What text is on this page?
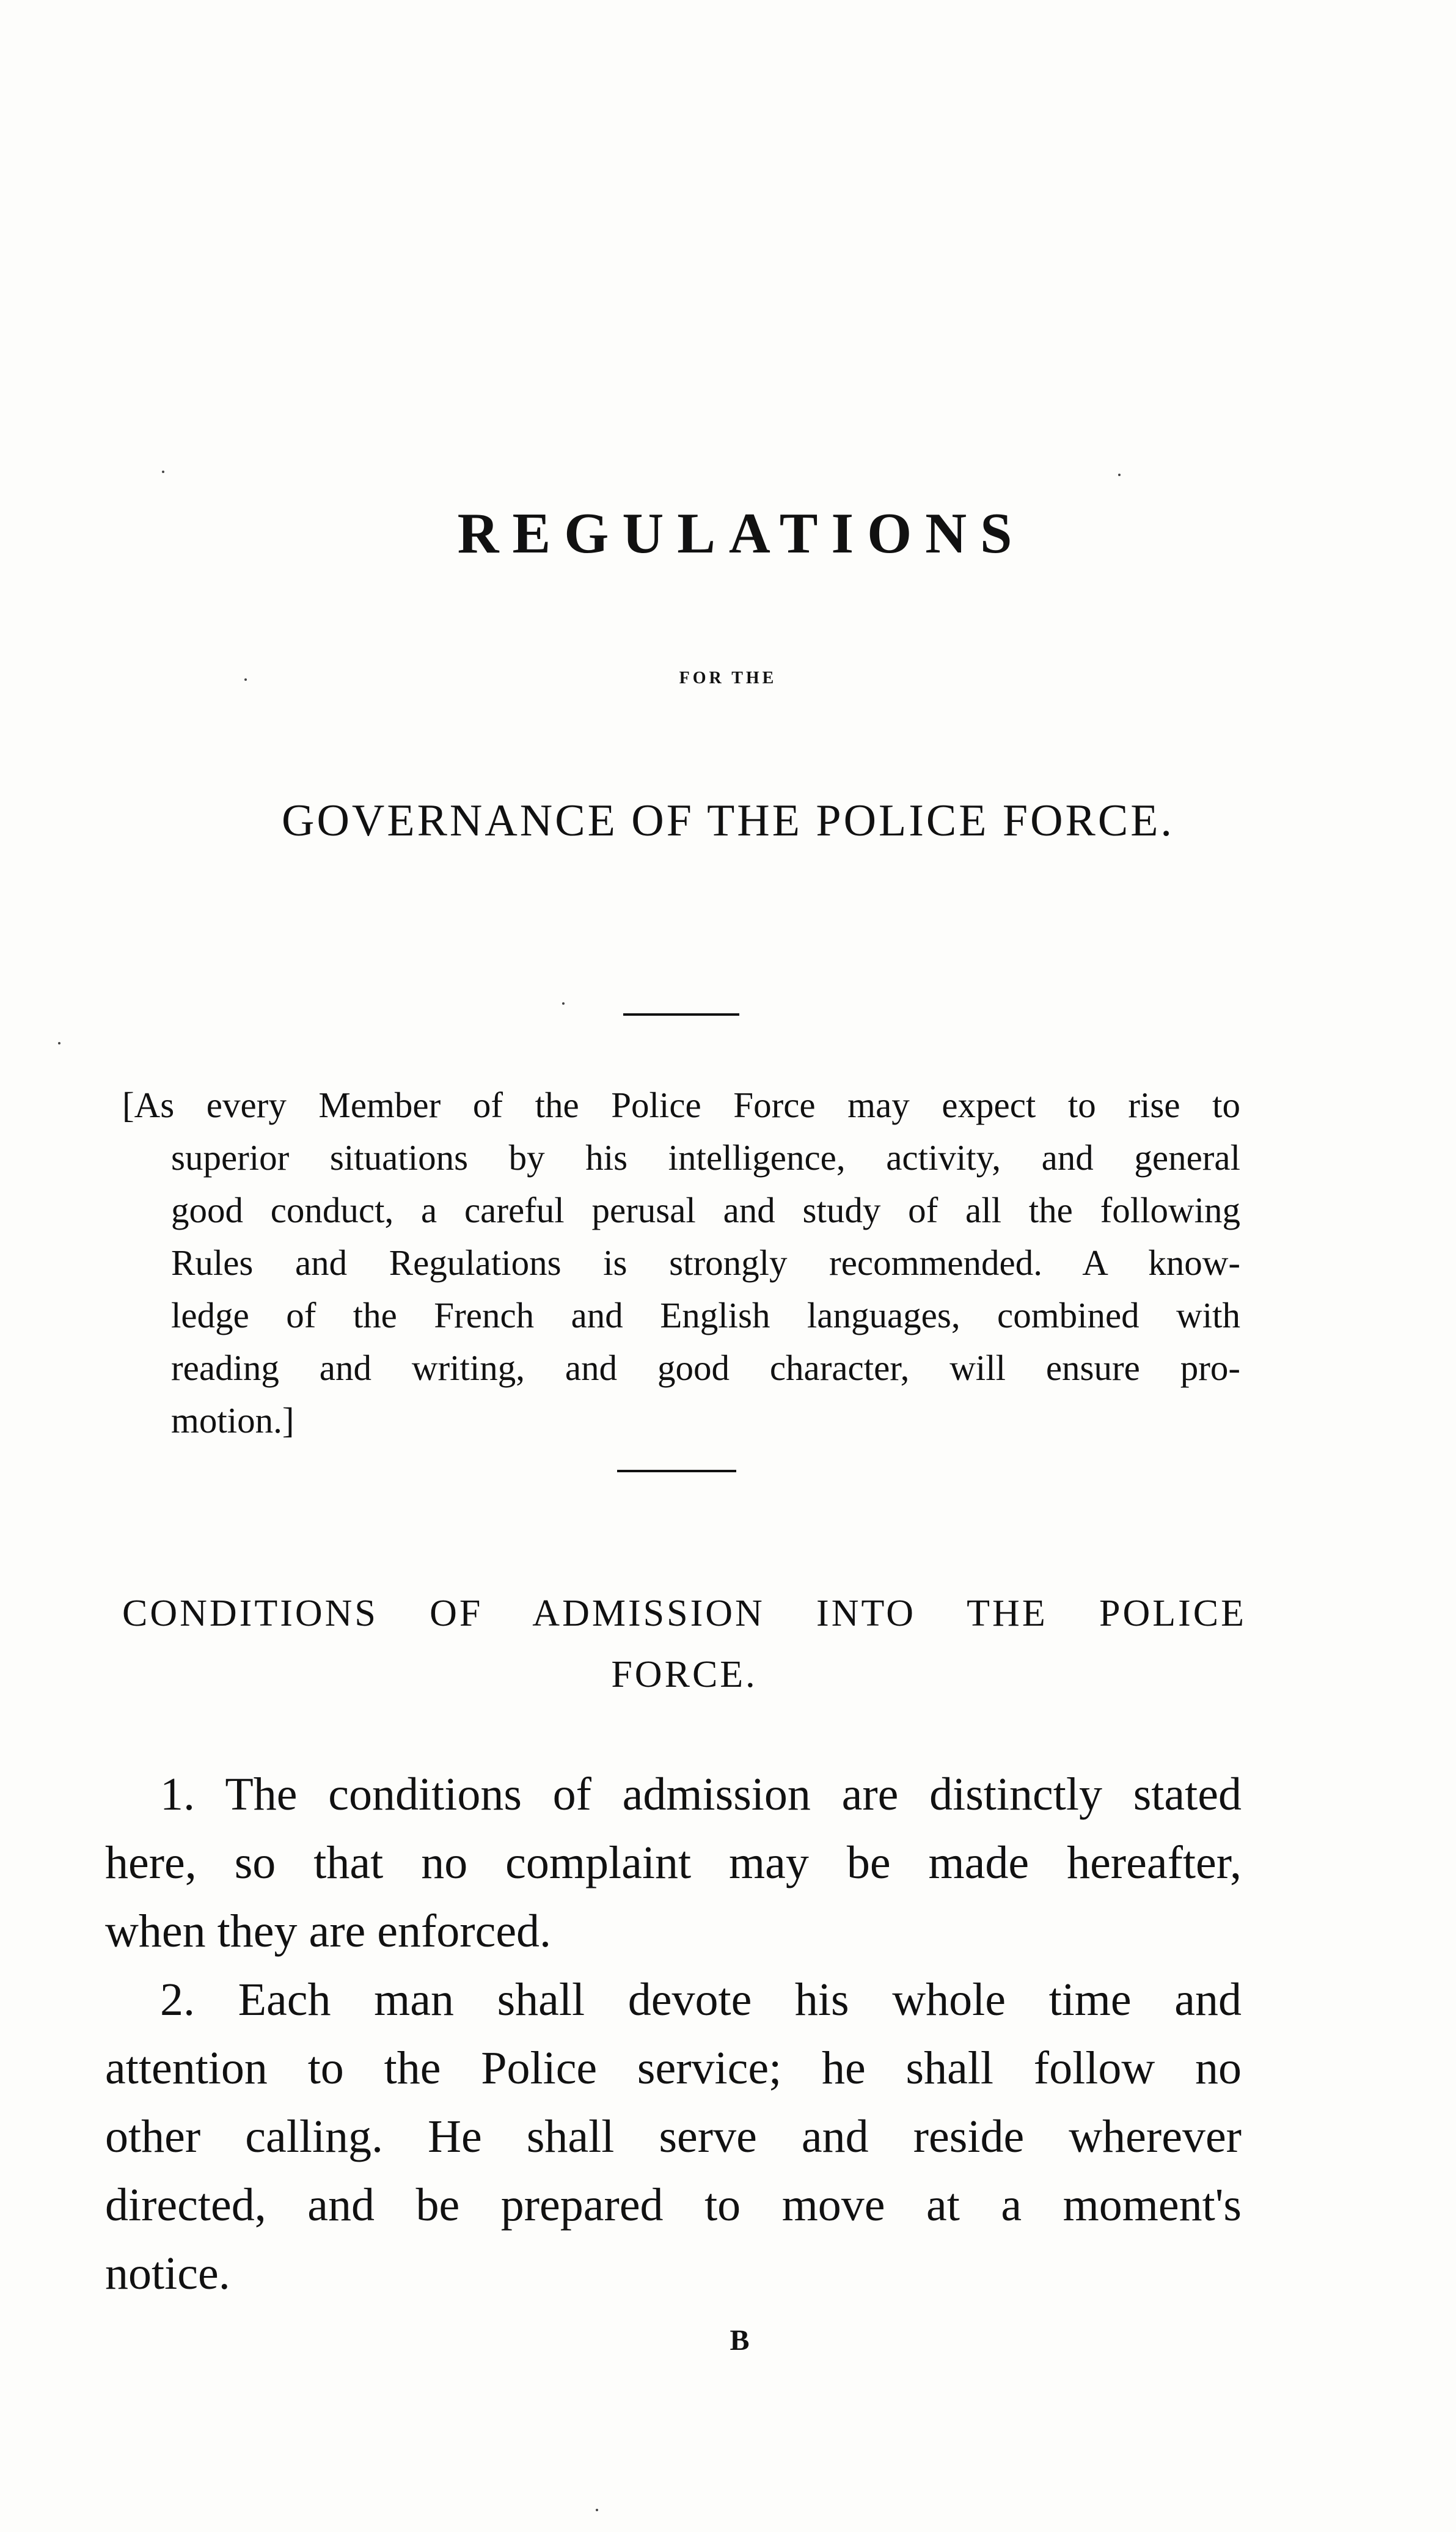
REGULATIONS
FOR THE
GOVERNANCE OF THE POLICE FORCE.
[As every Member of the Police Force may expect to rise to
superior situations by his intelligence, activity, and general
good conduct, a careful perusal and study of all the following
Rules and Regulations is strongly recommended. A know-
ledge of the French and English languages, combined with
reading and writing, and good character, will ensure pro-
motion.]
CONDITIONS OF ADMISSION INTO THE POLICE
FORCE.
1. The conditions of admission are distinctly stated
here, so that no complaint may be made hereafter,
when they are enforced.
2. Each man shall devote his whole time and
attention to the Police service; he shall follow no
other calling. He shall serve and reside wherever
directed, and be prepared to move at a moment's
notice.
B
